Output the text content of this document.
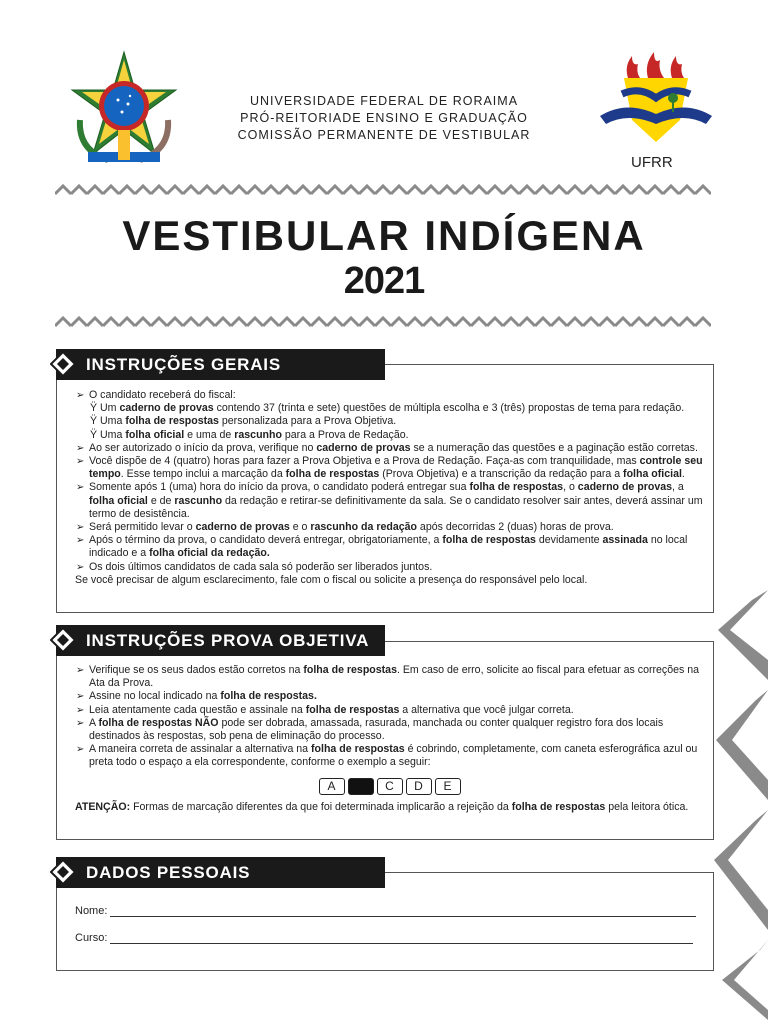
UNIVERSIDADE FEDERAL DE RORAIMA
PRÓ-REITORIADE ENSINO E GRADUAÇÃO
COMISSÃO PERMANENTE DE VESTIBULAR
UFRR
VESTIBULAR INDÍGENA
2021
INSTRUÇÕES GERAIS

➢ O candidato receberá do fiscal:

Ÿ Um caderno de provas contendo 37 (trinta e sete) questões de múltipla escolha e 3 (três) propostas de tema para redação.

Ÿ Uma folha de respostas personalizada para a Prova Objetiva.

Ÿ Uma folha oficial e uma de rascunho para a Prova de Redação.

➢ Ao ser autorizado o início da prova, verifique no caderno de provas se a numeração das questões e a paginação estão corretas.

➢ Você dispõe de 4 (quatro) horas para fazer a Prova Objetiva e a Prova de Redação. Faça-as com tranquilidade, mas controle seu tempo. Esse tempo inclui a marcação da folha de respostas (Prova Objetiva) e a transcrição da redação para a folha oficial.

➢ Somente após 1 (uma) hora do início da prova, o candidato poderá entregar sua folha de respostas, o caderno de provas, a folha oficial e de rascunho da redação e retirar-se definitivamente da sala. Se o candidato resolver sair antes, deverá assinar um termo de desistência.

➢ Será permitido levar o caderno de provas e o rascunho da redação após decorridas 2 (duas) horas de prova.

➢ Após o término da prova, o candidato deverá entregar, obrigatoriamente, a folha de respostas devidamente assinada no local indicado e a folha oficial da redação.

➢ Os dois últimos candidatos de cada sala só poderão ser liberados juntos.

Se você precisar de algum esclarecimento, fale com o fiscal ou solicite a presença do responsável pelo local.

INSTRUÇÕES PROVA OBJETIVA

➢ Verifique se os seus dados estão corretos na folha de respostas. Em caso de erro, solicite ao fiscal para efetuar as correções na Ata da Prova.

➢ Assine no local indicado na folha de respostas.

➢ Leia atentamente cada questão e assinale na folha de respostas a alternativa que você julgar correta.

➢ A folha de respostas NÃO pode ser dobrada, amassada, rasurada, manchada ou conter qualquer registro fora dos locais destinados às respostas, sob pena de eliminação do processo.

➢ A maneira correta de assinalar a alternativa na folha de respostas é cobrindo, completamente, com caneta esferográfica azul ou preta todo o espaço a ela correspondente, conforme o exemplo a seguir:

A B C D E

ATENÇÃO: Formas de marcação diferentes da que foi determinada implicarão a rejeição da folha de respostas pela leitora ótica.

DADOS PESSOAIS
Nome:
Curso:
